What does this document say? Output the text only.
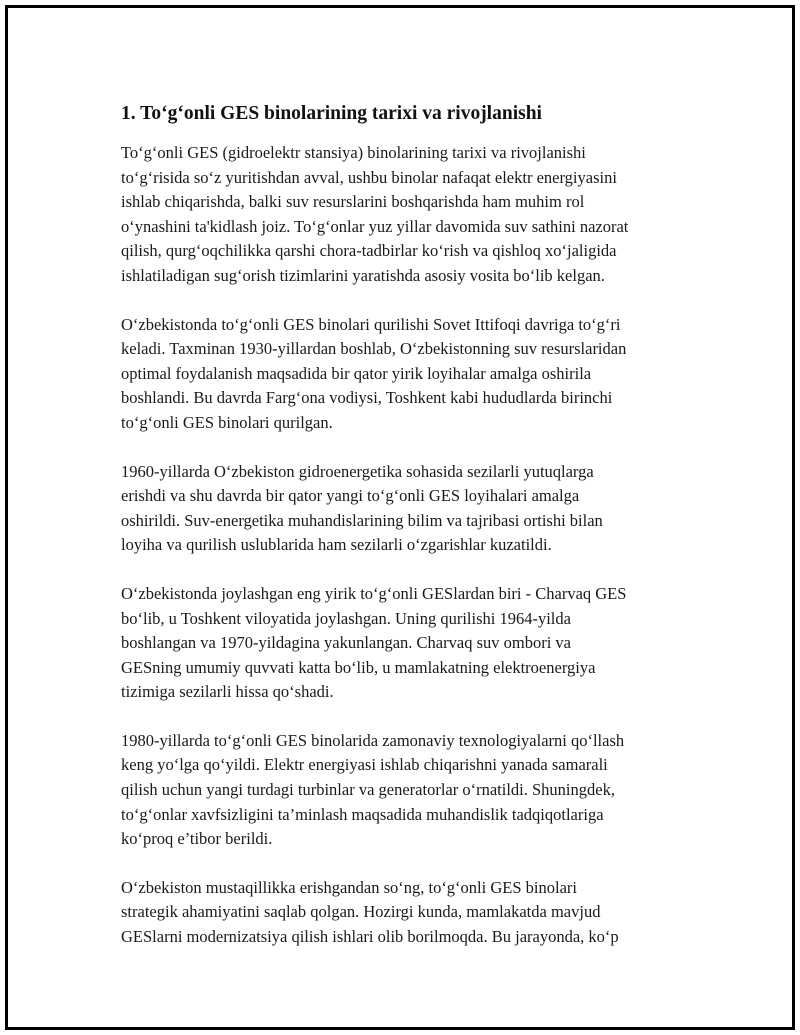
1. To‘g‘onli GES binolarining tarixi va rivojlanishi

To‘g‘onli GES (gidroelektr stansiya) binolarining tarixi va rivojlanishi
to‘g‘risida so‘z yuritishdan avval, ushbu binolar nafaqat elektr energiyasini
ishlab chiqarishda, balki suv resurslarini boshqarishda ham muhim rol
o‘ynashini ta'kidlash joiz. To‘g‘onlar yuz yillar davomida suv sathini nazorat
qilish, qurg‘oqchilikka qarshi chora-tadbirlar ko‘rish va qishloq xo‘jaligida
ishlatiladigan sug‘orish tizimlarini yaratishda asosiy vosita bo‘lib kelgan.

O‘zbekistonda to‘g‘onli GES binolari qurilishi Sovet Ittifoqi davriga to‘g‘ri
keladi. Taxminan 1930-yillardan boshlab, O‘zbekistonning suv resurslaridan
optimal foydalanish maqsadida bir qator yirik loyihalar amalga oshirila
boshlandi. Bu davrda Farg‘ona vodiysi, Toshkent kabi hududlarda birinchi
to‘g‘onli GES binolari qurilgan.

1960-yillarda O‘zbekiston gidroenergetika sohasida sezilarli yutuqlarga
erishdi va shu davrda bir qator yangi to‘g‘onli GES loyihalari amalga
oshirildi. Suv-energetika muhandislarining bilim va tajribasi ortishi bilan
loyiha va qurilish uslublarida ham sezilarli o‘zgarishlar kuzatildi.

O‘zbekistonda joylashgan eng yirik to‘g‘onli GESlardan biri - Charvaq GES
bo‘lib, u Toshkent viloyatida joylashgan. Uning qurilishi 1964-yilda
boshlangan va 1970-yildagina yakunlangan. Charvaq suv ombori va
GESning umumiy quvvati katta bo‘lib, u mamlakatning elektroenergiya
tizimiga sezilarli hissa qo‘shadi.

1980-yillarda to‘g‘onli GES binolarida zamonaviy texnologiyalarni qo‘llash
keng yo‘lga qo‘yildi. Elektr energiyasi ishlab chiqarishni yanada samarali
qilish uchun yangi turdagi turbinlar va generatorlar o‘rnatildi. Shuningdek,
to‘g‘onlar xavfsizligini ta’minlash maqsadida muhandislik tadqiqotlariga
ko‘proq e’tibor berildi.

O‘zbekiston mustaqillikka erishgandan so‘ng, to‘g‘onli GES binolari
strategik ahamiyatini saqlab qolgan. Hozirgi kunda, mamlakatda mavjud
GESlarni modernizatsiya qilish ishlari olib borilmoqda. Bu jarayonda, ko‘p
